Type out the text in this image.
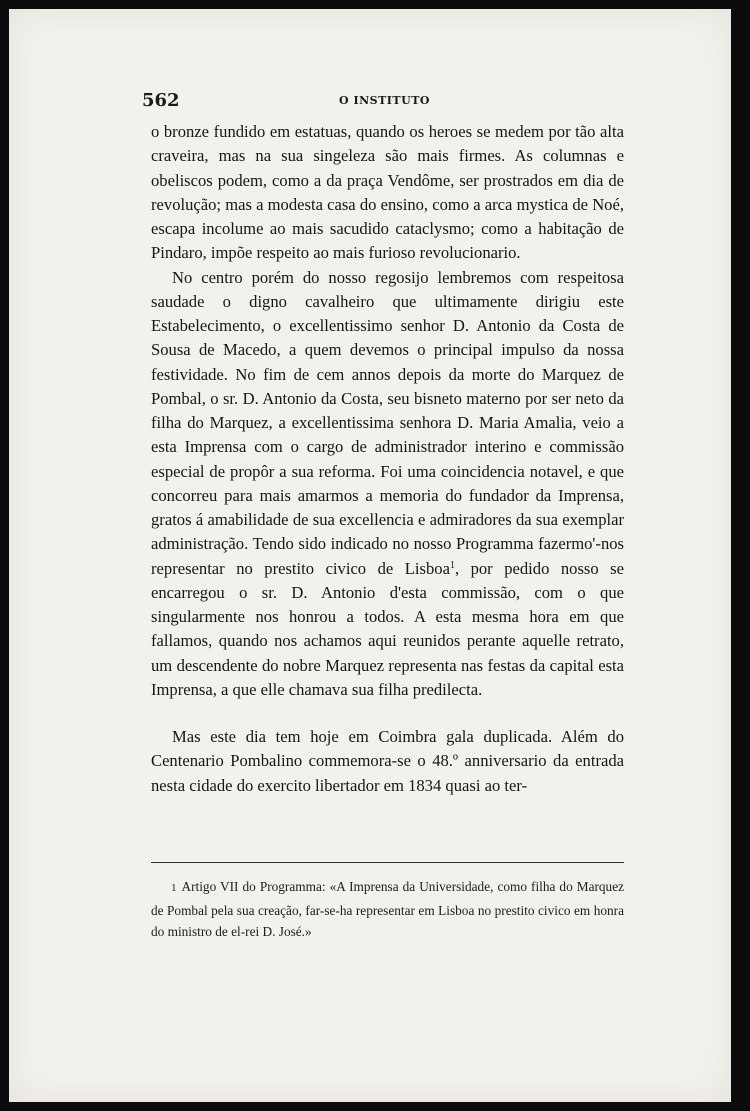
562	O INSTITUTO

o bronze fundido em estatuas, quando os heroes se medem por tão alta craveira, mas na sua singeleza são mais firmes. As columnas e obeliscos podem, como a da praça Vendôme, ser prostrados em dia de revolução; mas a modesta casa do ensino, como a arca mystica de Noé, escapa incolume ao mais sacudido cataclysmo; como a habitação de Pindaro, impõe respeito ao mais furioso revolucionario.

No centro porém do nosso regosijo lembremos com respeitosa saudade o digno cavalheiro que ultimamente dirigiu este Estabelecimento, o excellentissimo senhor D. Antonio da Costa de Sousa de Macedo, a quem devemos o principal impulso da nossa festividade. No fim de cem annos depois da morte do Marquez de Pombal, o sr. D. Antonio da Costa, seu bisneto materno por ser neto da filha do Marquez, a excellentissima senhora D. Maria Amalia, veio a esta Imprensa com o cargo de administrador interino e commissão especial de propôr a sua reforma. Foi uma coincidencia notavel, e que concorreu para mais amarmos a memoria do fundador da Imprensa, gratos á amabilidade de sua excellencia e admiradores da sua exemplar administração. Tendo sido indicado no nosso Programma fazermo'-nos representar no prestito civico de Lisboa$^1$, por pedido nosso se encarregou o sr. D. Antonio d'esta commissão, com o que singularmente nos honrou a todos. A esta mesma hora em que fallamos, quando nos achamos aqui reunidos perante aquelle retrato, um descendente do nobre Marquez representa nas festas da capital esta Imprensa, a que elle chamava sua filha predilecta.

Mas este dia tem hoje em Coimbra gala duplicada. Além do Centenario Pombalino commemora-se o 48.º anniversario da entrada nesta cidade do exercito libertador em 1834 quasi ao ter-

1 Artigo VII do Programma: «A Imprensa da Universidade, como filha do Marquez de Pombal pela sua creação, far-se-ha representar em Lisboa no prestito civico em honra do ministro de el-rei D. José.»
